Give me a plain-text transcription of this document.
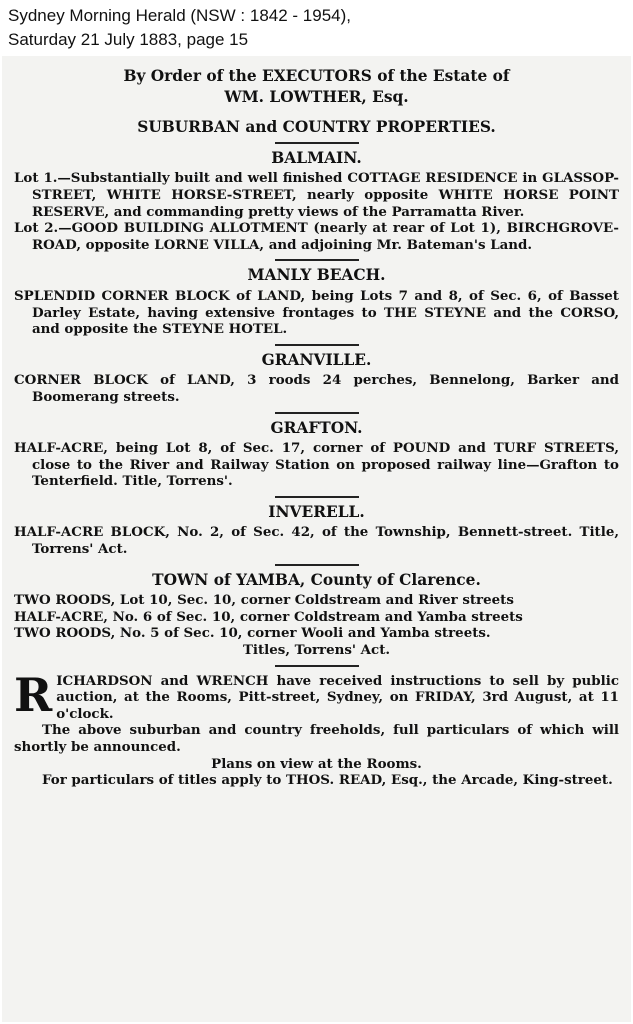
Sydney Morning Herald (NSW : 1842 - 1954),
Saturday 21 July 1883, page 15

By Order of the EXECUTORS of the Estate of

WM. LOWTHER, Esq.

SUBURBAN and COUNTRY PROPERTIES.

BALMAIN.

Lot 1.—Substantially built and well finished COTTAGE RESIDENCE in GLASSOP-STREET, WHITE HORSE-STREET, nearly opposite WHITE HORSE POINT RESERVE, and commanding pretty views of the Parramatta River.

Lot 2.—GOOD BUILDING ALLOTMENT (nearly at rear of Lot 1), BIRCHGROVE-ROAD, opposite LORNE VILLA, and adjoining Mr. Bateman's Land.

MANLY BEACH.

SPLENDID CORNER BLOCK of LAND, being Lots 7 and 8, of Sec. 6, of Basset Darley Estate, having extensive frontages to THE STEYNE and the CORSO, and opposite the STEYNE HOTEL.

GRANVILLE.

CORNER BLOCK of LAND, 3 roods 24 perches, Bennelong, Barker and Boomerang streets.

GRAFTON.

HALF-ACRE, being Lot 8, of Sec. 17, corner of POUND and TURF STREETS, close to the River and Railway Station on proposed railway line—Grafton to Tenterfield. Title, Torrens'.

INVERELL.

HALF-ACRE BLOCK, No. 2, of Sec. 42, of the Township, Bennett-street. Title, Torrens' Act.

TOWN of YAMBA, County of Clarence.

TWO ROODS, Lot 10, Sec. 10, corner Coldstream and River streets

HALF-ACRE, No. 6 of Sec. 10, corner Coldstream and Yamba streets

TWO ROODS, No. 5 of Sec. 10, corner Wooli and Yamba streets.

Titles, Torrens' Act.

R ICHARDSON and WRENCH have received instructions to sell by public auction, at the Rooms, Pitt-street, Sydney, on FRIDAY, 3rd August, at 11 o'clock.

The above suburban and country freeholds, full particulars of which will shortly be announced.

Plans on view at the Rooms.

For particulars of titles apply to THOS. READ, Esq., the Arcade, King-street.
